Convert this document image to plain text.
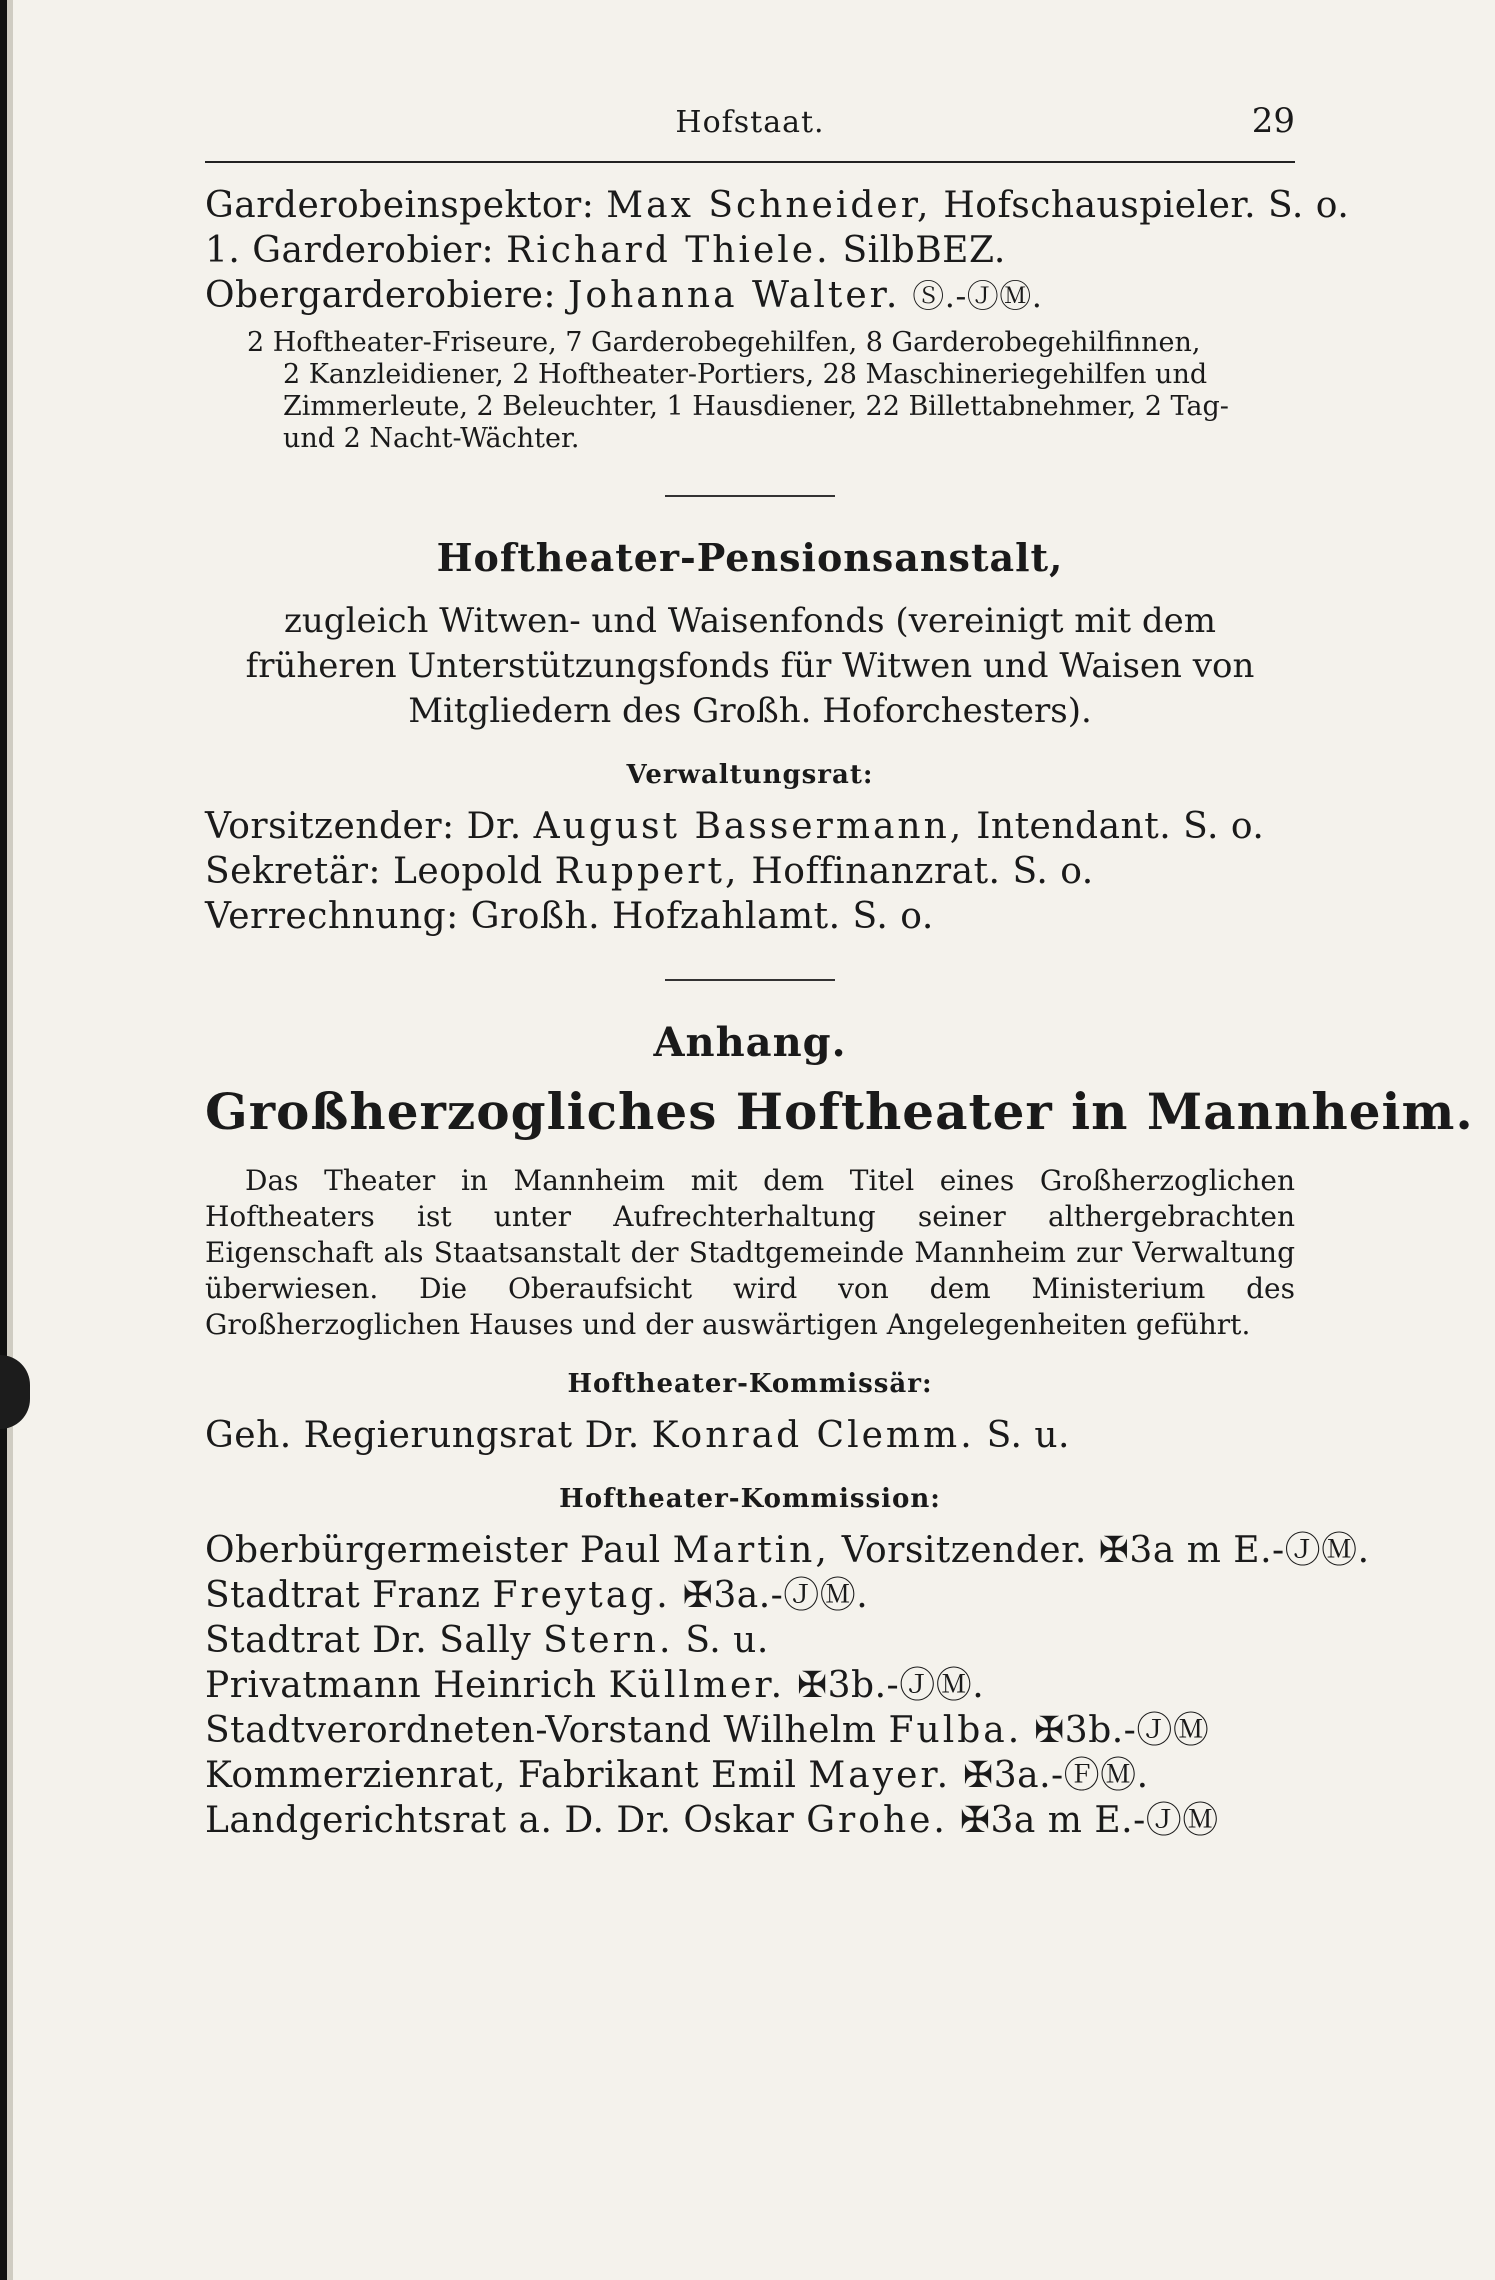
Hofstaat.	29
Garderobeinspektor: Max Schneider, Hofschauspieler. S. o.
1. Garderobier: Richard Thiele. SilbBEZ.
Obergarderobiere: Johanna Walter. Ⓢ.-ⒿⓂ.
2 Hoftheater-Friseure, 7 Garderobegehilfen, 8 Garderobegehilfinnen,
2 Kanzleidiener, 2 Hoftheater-Portiers, 28 Maschineriegehilfen und
Zimmerleute, 2 Beleuchter, 1 Hausdiener, 22 Billettabnehmer, 2 Tag-
und 2 Nacht-Wächter.
Hoftheater-Pensionsanstalt,
zugleich Witwen- und Waisenfonds (vereinigt mit dem
früheren Unterstützungsfonds für Witwen und Waisen von
Mitgliedern des Großh. Hoforchesters).
Verwaltungsrat:
Vorsitzender: Dr. August Bassermann, Intendant. S. o.
Sekretär: Leopold Ruppert, Hoffinanzrat. S. o.
Verrechnung: Großh. Hofzahlamt. S. o.
Anhang.
Großherzogliches Hoftheater in Mannheim.
Das Theater in Mannheim mit dem Titel eines Großherzoglichen Hoftheaters ist unter Aufrechterhaltung seiner althergebrachten Eigenschaft als Staatsanstalt der Stadtgemeinde Mannheim zur Verwaltung überwiesen. Die Oberaufsicht wird von dem Ministerium des Großherzoglichen Hauses und der auswärtigen Angelegenheiten geführt.
Hoftheater-Kommissär:
Geh. Regierungsrat Dr. Konrad Clemm. S. u.
Hoftheater-Kommission:
Oberbürgermeister Paul Martin, Vorsitzender. ✠3a m E.-ⒿⓂ.
Stadtrat Franz Freytag. ✠3a.-ⒿⓂ.
Stadtrat Dr. Sally Stern. S. u.
Privatmann Heinrich Küllmer. ✠3b.-ⒿⓂ.
Stadtverordneten-Vorstand Wilhelm Fulba. ✠3b.-ⒿⓂ
Kommerzienrat, Fabrikant Emil Mayer. ✠3a.-ⒻⓂ.
Landgerichtsrat a. D. Dr. Oskar Grohe. ✠3a m E.-ⒿⓂ
